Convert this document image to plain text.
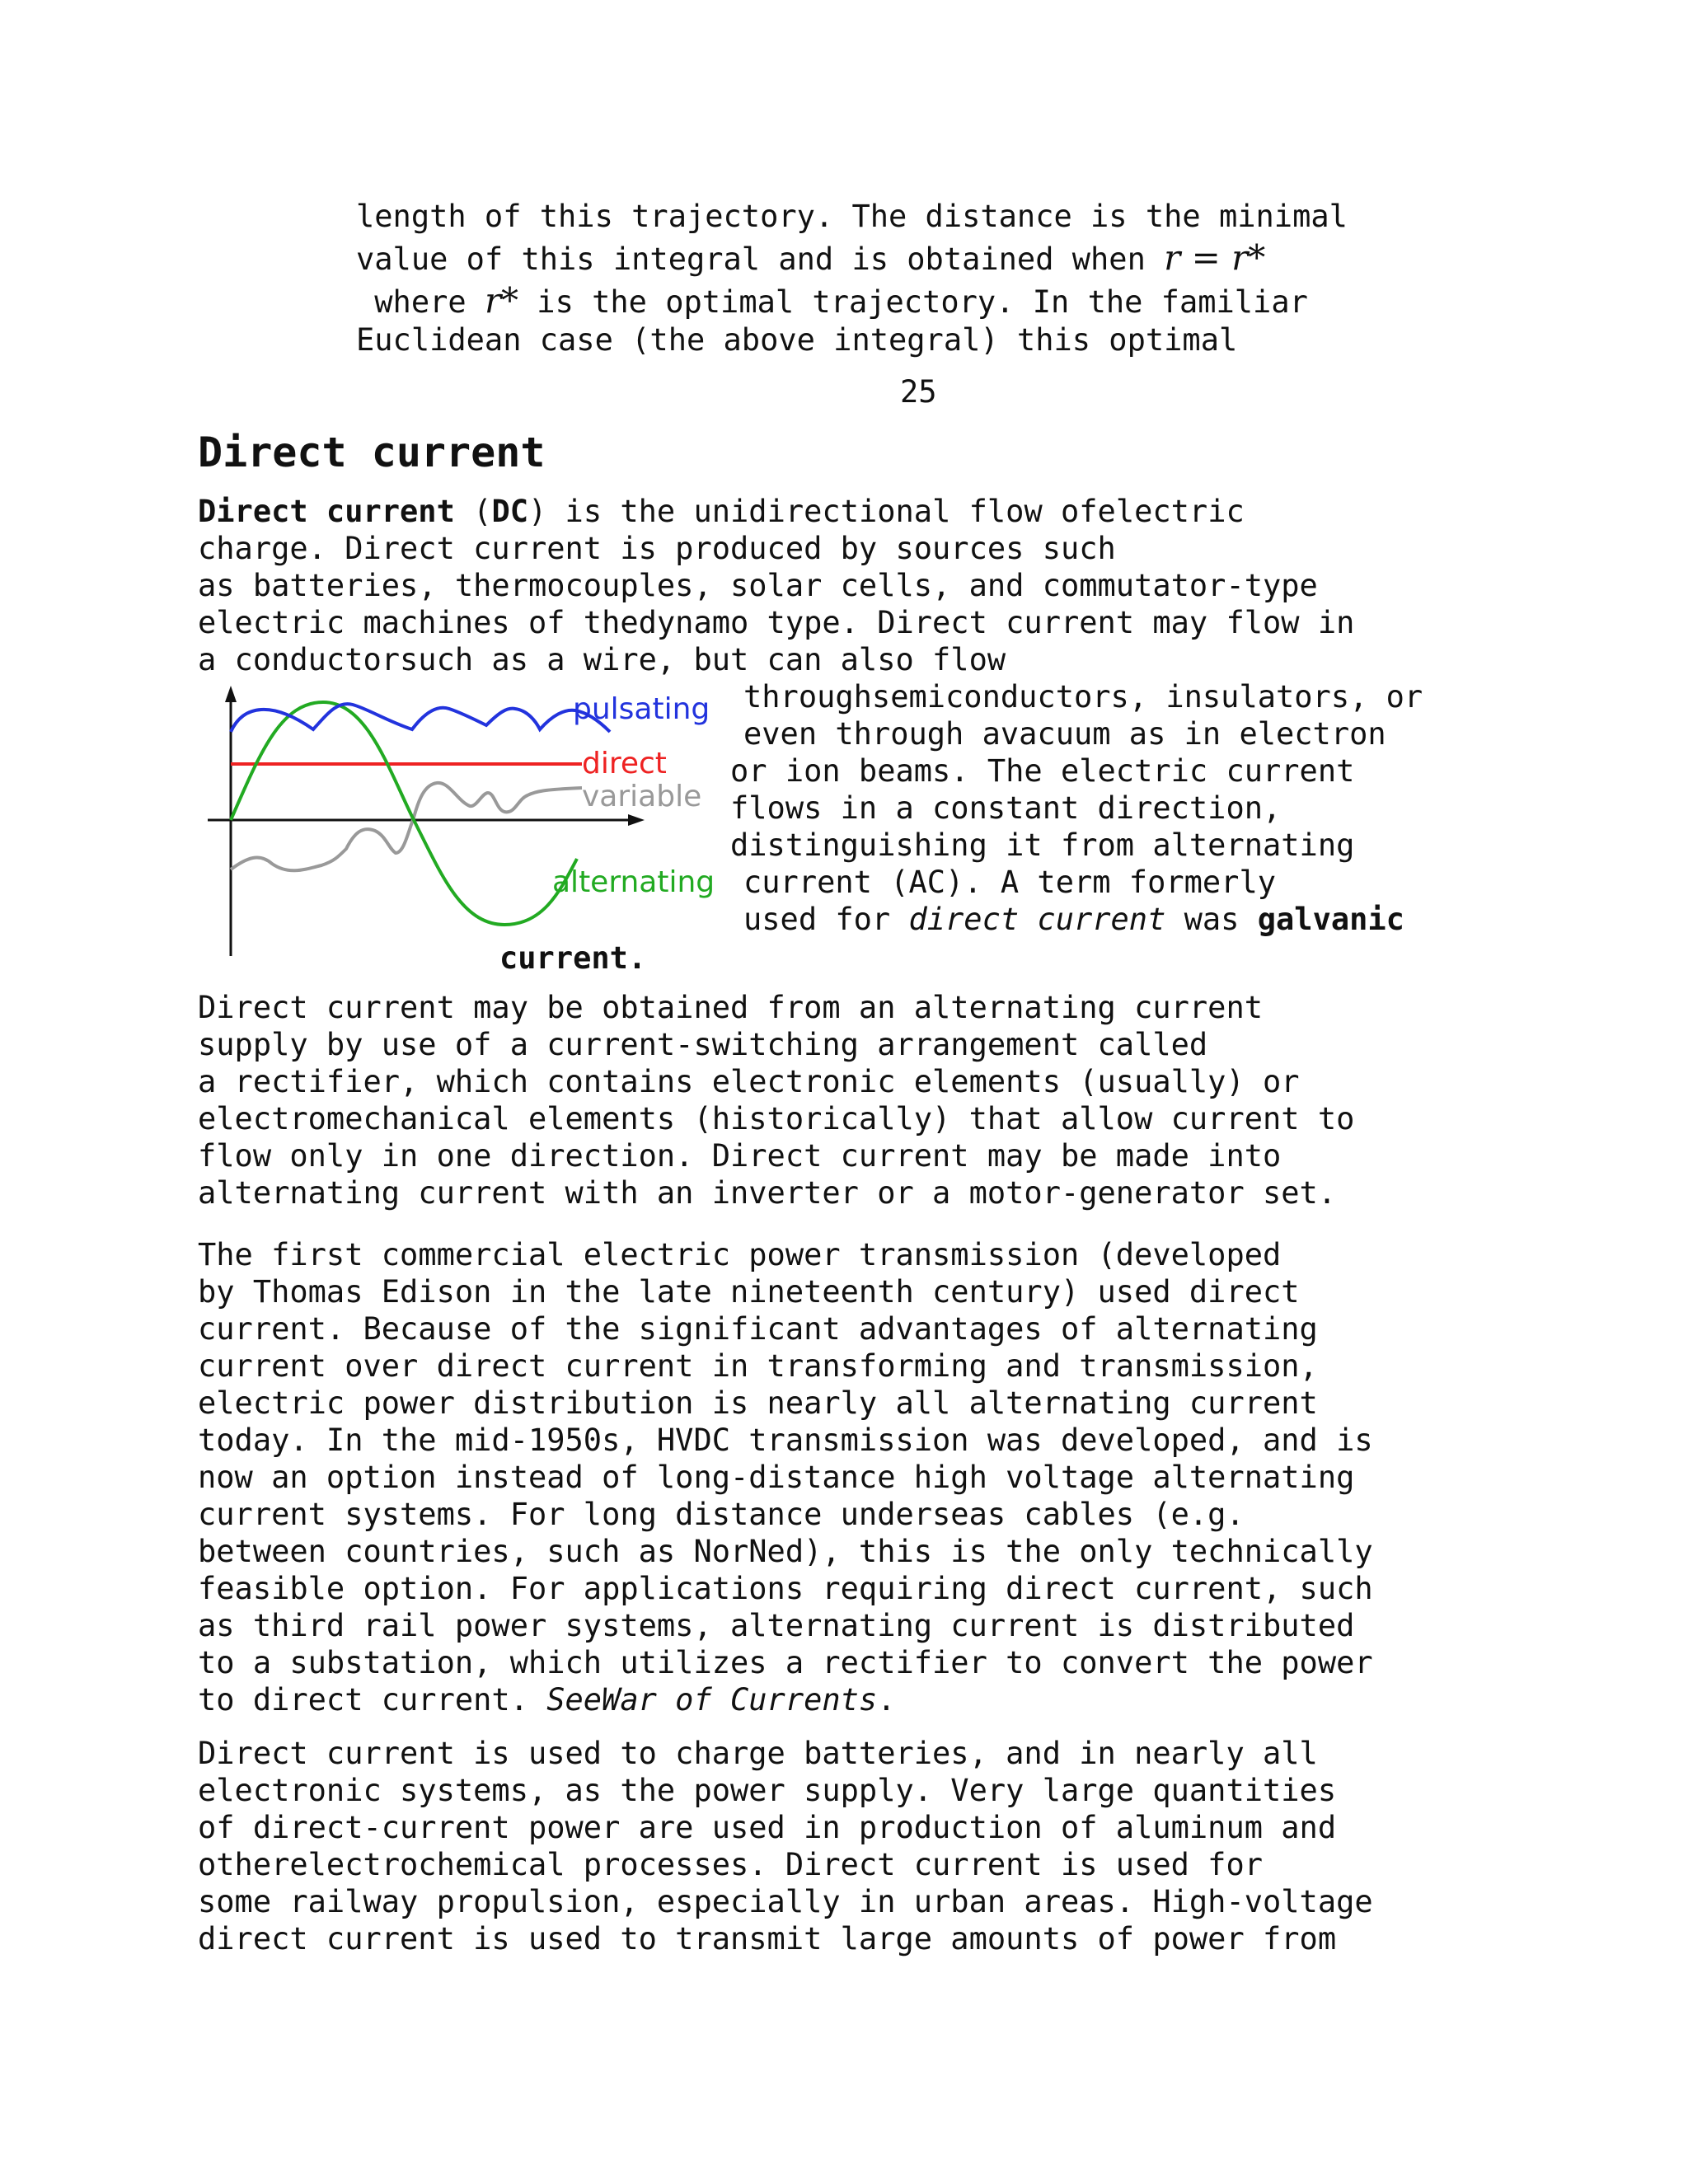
length of this trajectory. The distance is the minimal
value of this integral and is obtained when r = r*
where r* is the optimal trajectory. In the familiar
Euclidean case (the above integral) this optimal
25
Direct current
Direct current (DC) is the unidirectional flow ofelectric
charge. Direct current is produced by sources such
as batteries, thermocouples, solar cells, and commutator-type
electric machines of thedynamo type. Direct current may flow in
a conductorsuch as a wire, but can also flow
throughsemiconductors, insulators, or
even through avacuum as in electron
or ion beams. The electric current
flows in a constant direction,
distinguishing it from alternating
current (AC). A term formerly
used for direct current was galvanic
current.
pulsating
direct
variable
alternating
Direct current may be obtained from an alternating current
supply by use of a current-switching arrangement called
a rectifier, which contains electronic elements (usually) or
electromechanical elements (historically) that allow current to
flow only in one direction. Direct current may be made into
alternating current with an inverter or a motor-generator set.
The first commercial electric power transmission (developed
by Thomas Edison in the late nineteenth century) used direct
current. Because of the significant advantages of alternating
current over direct current in transforming and transmission,
electric power distribution is nearly all alternating current
today. In the mid-1950s, HVDC transmission was developed, and is
now an option instead of long-distance high voltage alternating
current systems. For long distance underseas cables (e.g.
between countries, such as NorNed), this is the only technically
feasible option. For applications requiring direct current, such
as third rail power systems, alternating current is distributed
to a substation, which utilizes a rectifier to convert the power
to direct current. SeeWar of Currents.
Direct current is used to charge batteries, and in nearly all
electronic systems, as the power supply. Very large quantities
of direct-current power are used in production of aluminum and
otherelectrochemical processes. Direct current is used for
some railway propulsion, especially in urban areas. High-voltage
direct current is used to transmit large amounts of power from
